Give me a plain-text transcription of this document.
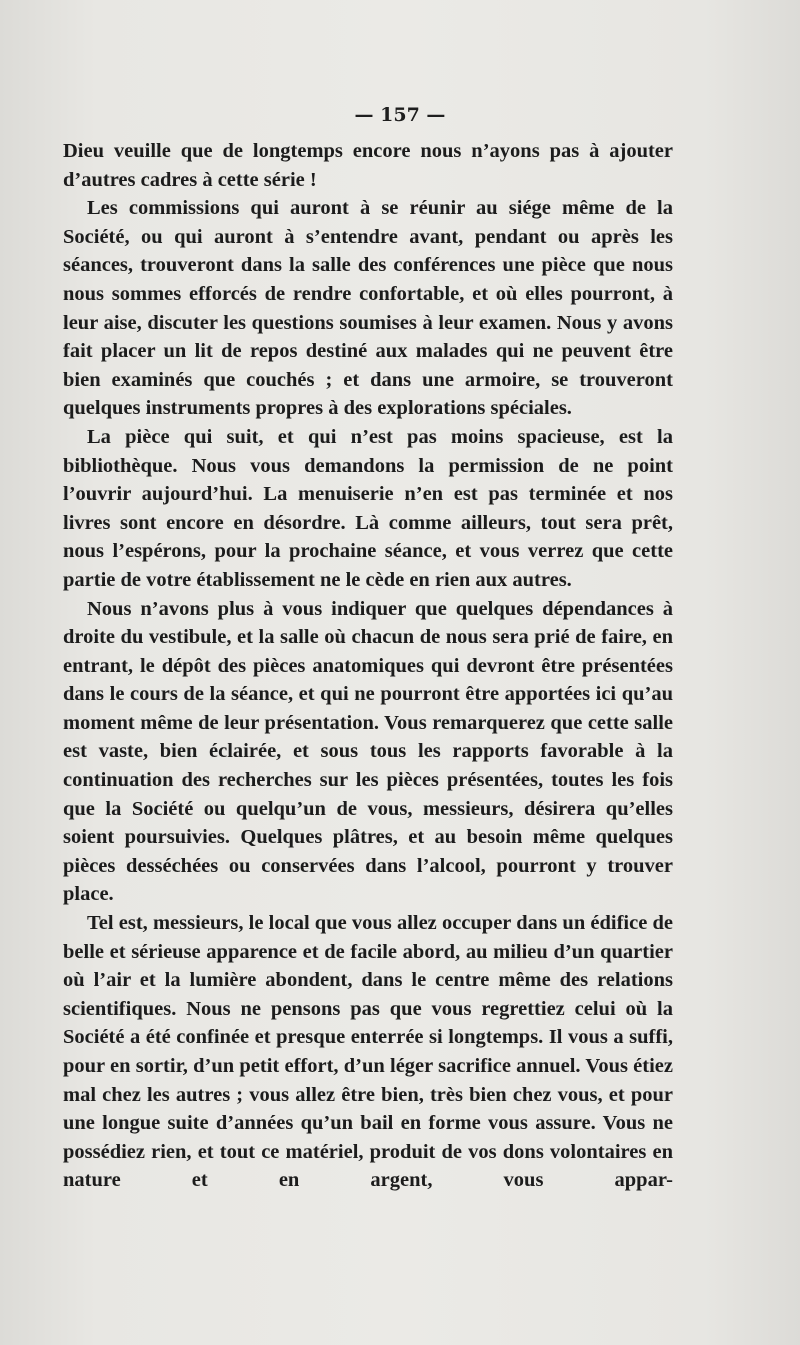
— 157 —

Dieu veuille que de longtemps encore nous n’ayons pas à ajouter d’autres cadres à cette série !

Les commissions qui auront à se réunir au siége même de la Société, ou qui auront à s’entendre avant, pendant ou après les séances, trouveront dans la salle des conférences une pièce que nous nous sommes efforcés de rendre confortable, et où elles pourront, à leur aise, discuter les questions soumises à leur examen. Nous y avons fait placer un lit de repos destiné aux malades qui ne peuvent être bien examinés que couchés ; et dans une armoire, se trouveront quelques instruments propres à des explorations spéciales.

La pièce qui suit, et qui n’est pas moins spacieuse, est la bibliothèque. Nous vous demandons la permission de ne point l’ouvrir aujourd’hui. La menuiserie n’en est pas terminée et nos livres sont encore en désordre. Là comme ailleurs, tout sera prêt, nous l’espérons, pour la prochaine séance, et vous verrez que cette partie de votre établissement ne le cède en rien aux autres.

Nous n’avons plus à vous indiquer que quelques dépendances à droite du vestibule, et la salle où chacun de nous sera prié de faire, en entrant, le dépôt des pièces anatomiques qui devront être présentées dans le cours de la séance, et qui ne pourront être apportées ici qu’au moment même de leur présentation. Vous remarquerez que cette salle est vaste, bien éclairée, et sous tous les rapports favorable à la continuation des recherches sur les pièces présentées, toutes les fois que la Société ou quelqu’un de vous, messieurs, désirera qu’elles soient poursuivies. Quelques plâtres, et au besoin même quelques pièces desséchées ou conservées dans l’alcool, pourront y trouver place.

Tel est, messieurs, le local que vous allez occuper dans un édifice de belle et sérieuse apparence et de facile abord, au milieu d’un quartier où l’air et la lumière abondent, dans le centre même des relations scientifiques. Nous ne pensons pas que vous regrettiez celui où la Société a été confinée et presque enterrée si longtemps. Il vous a suffi, pour en sortir, d’un petit effort, d’un léger sacrifice annuel. Vous étiez mal chez les autres ; vous allez être bien, très bien chez vous, et pour une longue suite d’années qu’un bail en forme vous assure. Vous ne possédiez rien, et tout ce matériel, produit de vos dons volontaires en nature et en argent, vous appar-
